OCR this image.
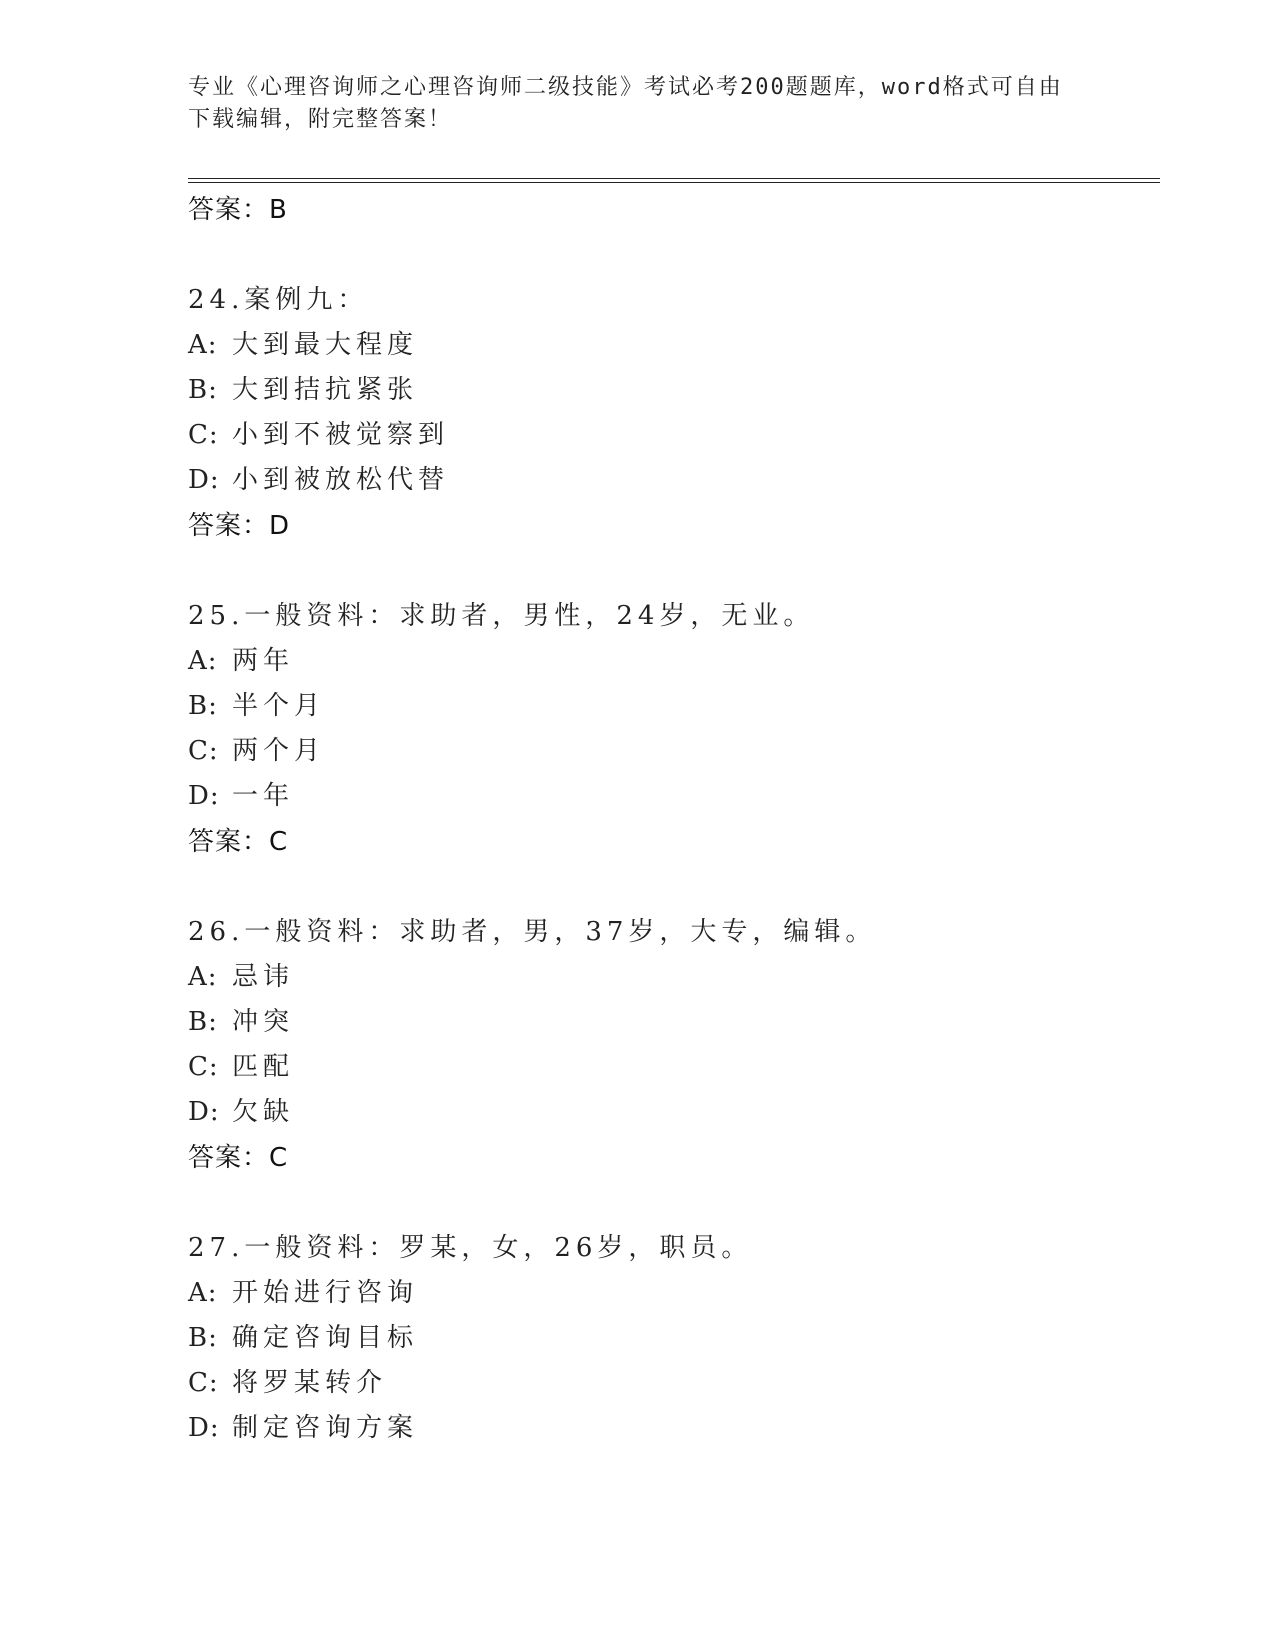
专业《心理咨询师之心理咨询师二级技能》考试必考200题题库，word格式可自由下载编辑，附完整答案！
答案：B
24.案例九：
A: 大到最大程度
B: 大到拮抗紧张
C: 小到不被觉察到
D: 小到被放松代替
答案：D
25.一般资料：求助者，男性，24岁，无业。
A: 两年
B: 半个月
C: 两个月
D: 一年
答案：C
26.一般资料：求助者，男，37岁，大专，编辑。
A: 忌讳
B: 冲突
C: 匹配
D: 欠缺
答案：C
27.一般资料：罗某，女，26岁，职员。
A: 开始进行咨询
B: 确定咨询目标
C: 将罗某转介
D: 制定咨询方案
